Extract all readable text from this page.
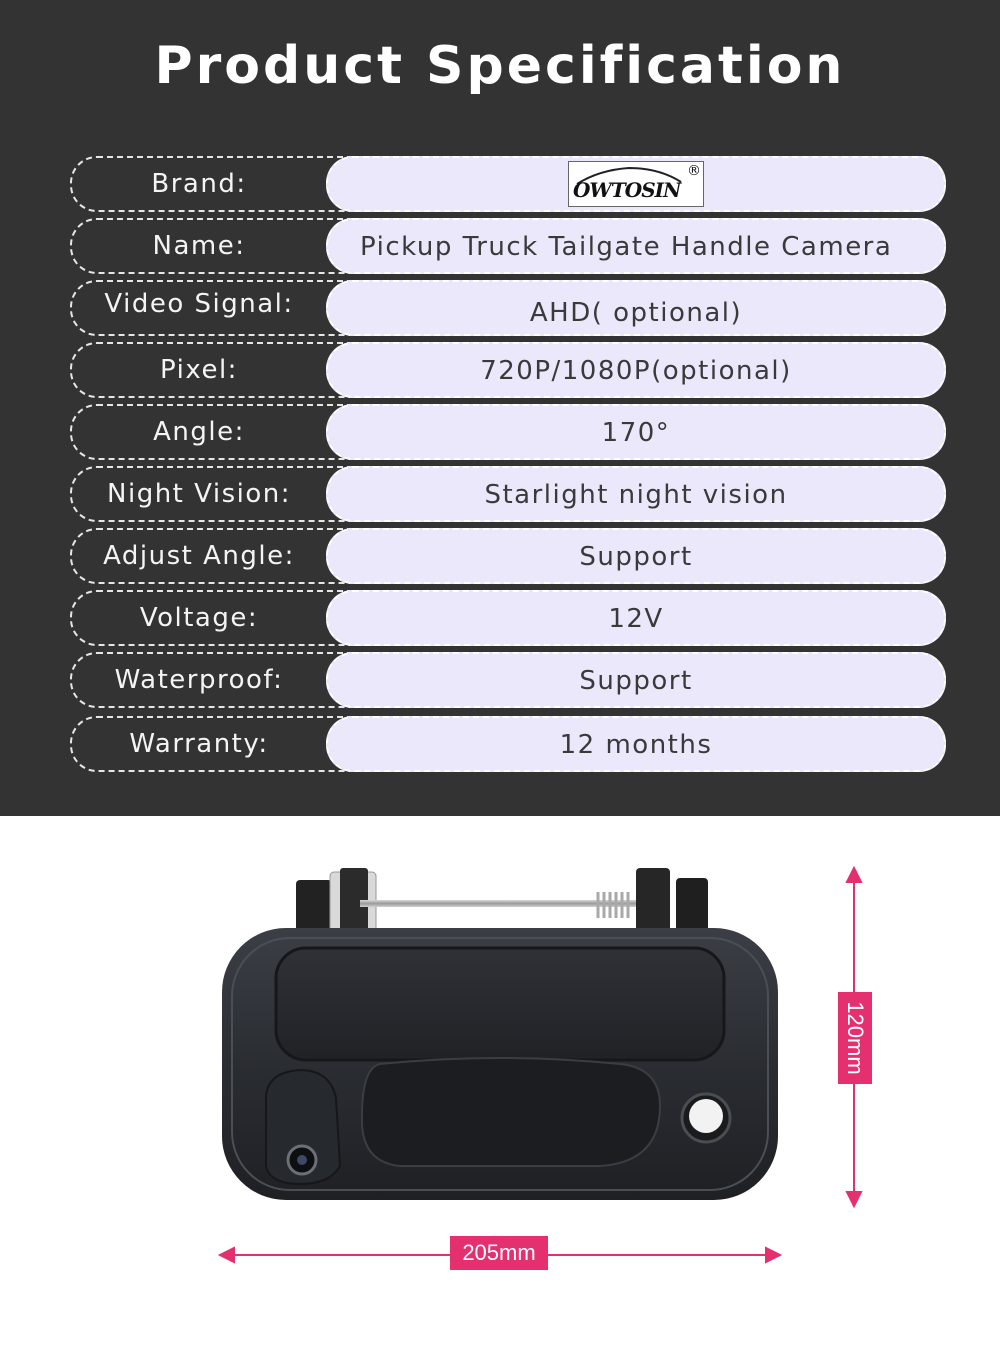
Product Specification
Brand:	OWTOSIN
®
Name:	Pickup Truck Tailgate Handle Camera
Video Signal:	AHD( optional)
Pixel:	720P/1080P(optional)
Angle:	170°
Night Vision:	Starlight night vision
Adjust Angle:	Support
Voltage:	12V
Waterproof:	Support
Warranty:	12 months
205mm
120mm
